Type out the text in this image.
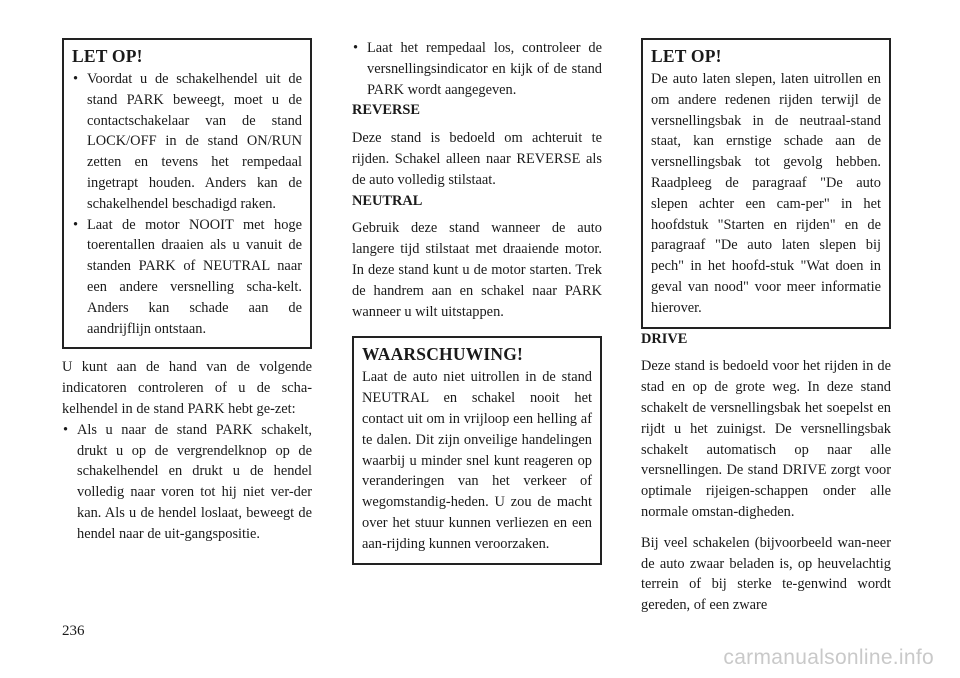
LET OP!
• Voordat u de schakelhendel uit de stand PARK beweegt, moet u de contactschakelaar van de stand LOCK/OFF in de stand ON/RUN zetten en tevens het rempedaal ingetrapt houden. Anders kan de schakelhendel beschadigd raken.
• Laat de motor NOOIT met hoge toerentallen draaien als u vanuit de standen PARK of NEUTRAL naar een andere versnelling scha-kelt. Anders kan schade aan de aandrijflijn ontstaan.

U kunt aan de hand van de volgende indicatoren controleren of u de scha-kelhendel in de stand PARK hebt ge-zet:

• Als u naar de stand PARK schakelt, drukt u op de vergrendelknop op de schakelhendel en drukt u de hendel volledig naar voren tot hij niet ver-der kan. Als u de hendel loslaat, beweegt de hendel naar de uit-gangspositie.
• Laat het rempedaal los, controleer de versnellingsindicator en kijk of de stand PARK wordt aangegeven.

REVERSE

Deze stand is bedoeld om achteruit te rijden. Schakel alleen naar REVERSE als de auto volledig stilstaat.

NEUTRAL

Gebruik deze stand wanneer de auto langere tijd stilstaat met draaiende motor. In deze stand kunt u de motor starten. Trek de handrem aan en schakel naar PARK wanneer u wilt uitstappen.

WAARSCHUWING!

Laat de auto niet uitrollen in de stand NEUTRAL en schakel nooit het contact uit om in vrijloop een helling af te dalen. Dit zijn onveilige handelingen waarbij u minder snel kunt reageren op veranderingen van het verkeer of wegomstandig-heden. U zou de macht over het stuur kunnen verliezen en een aan-rijding kunnen veroorzaken.

LET OP!

De auto laten slepen, laten uitrollen en om andere redenen rijden terwijl de versnellingsbak in de neutraal-stand staat, kan ernstige schade aan de versnellingsbak tot gevolg hebben. Raadpleeg de paragraaf "De auto slepen achter een cam-per" in het hoofdstuk "Starten en rijden" en de paragraaf "De auto laten slepen bij pech" in het hoofd-stuk "Wat doen in geval van nood" voor meer informatie hierover.

DRIVE

Deze stand is bedoeld voor het rijden in de stad en op de grote weg. In deze stand schakelt de versnellingsbak het soepelst en rijdt u het zuinigst. De versnellingsbak schakelt automatisch op naar alle versnellingen. De stand DRIVE zorgt voor optimale rijeigen-schappen onder alle normale omstan-digheden.

Bij veel schakelen (bijvoorbeeld wan-neer de auto zwaar beladen is, op heuvelachtig terrein of bij sterke te-genwind wordt gereden, of een zware

236
carmanualsonline.info
